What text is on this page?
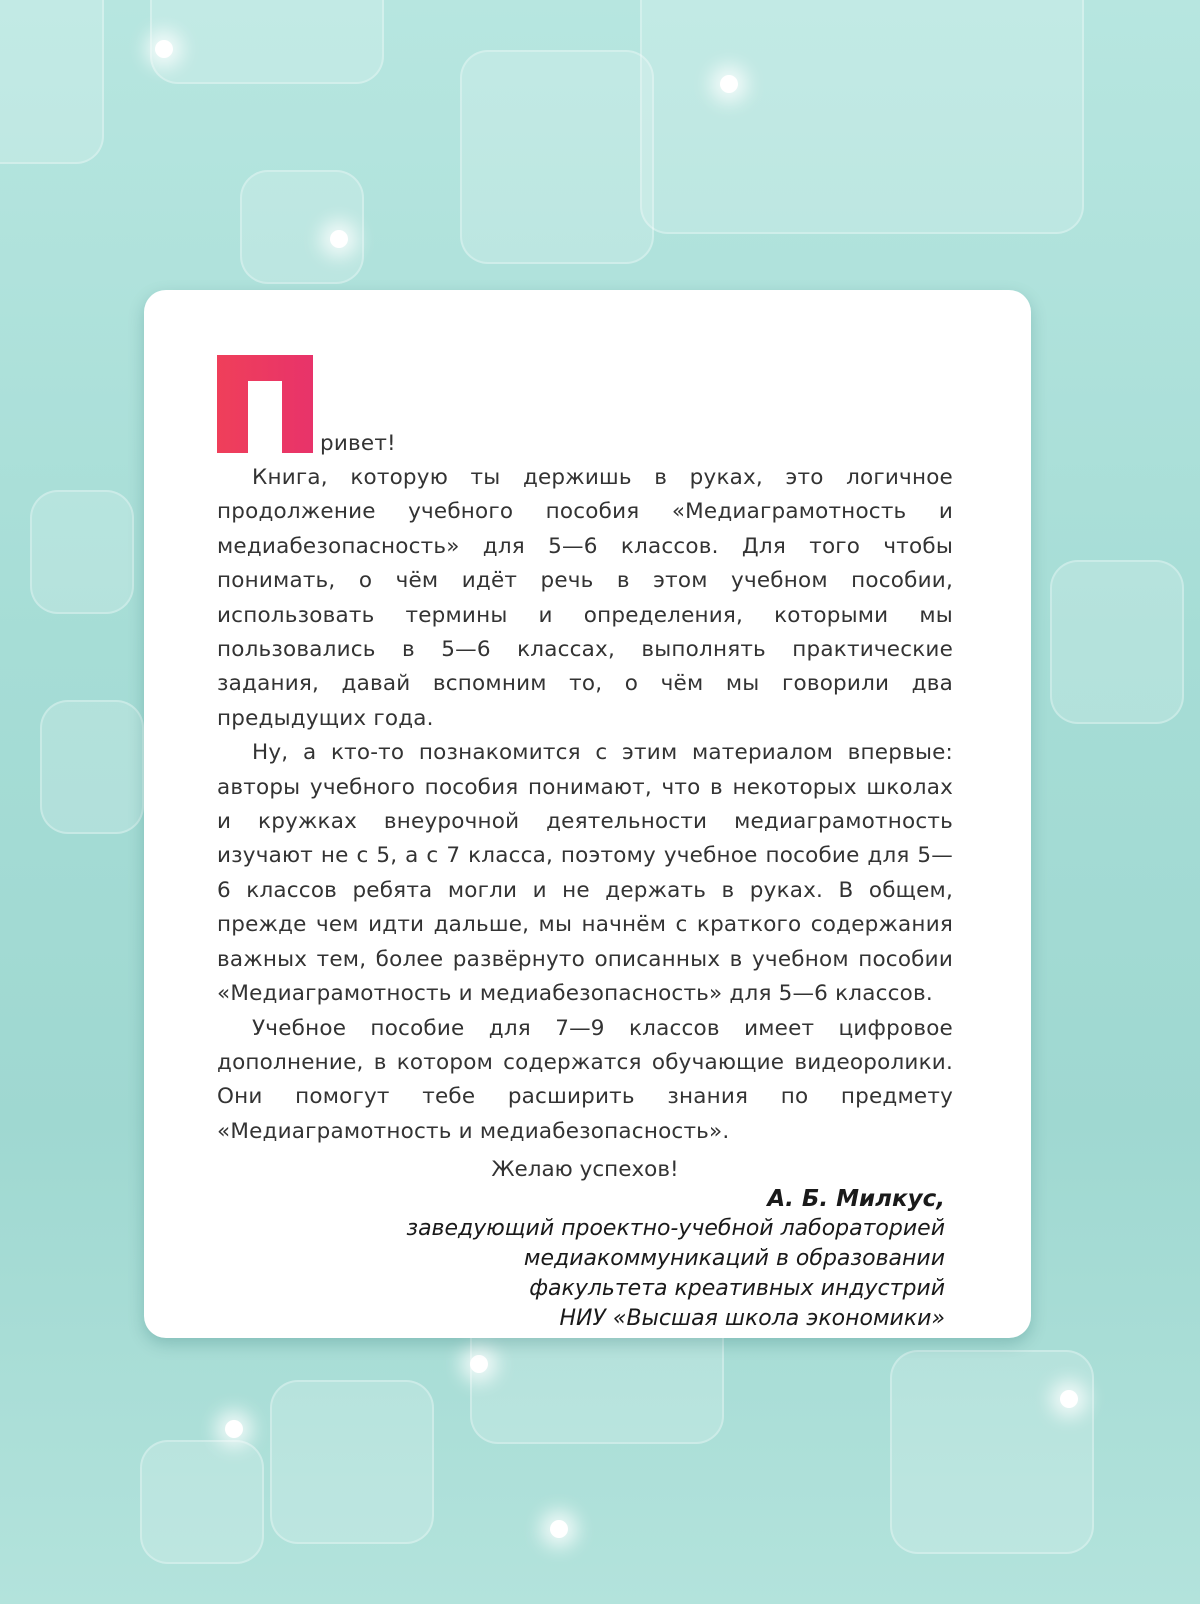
ривет!

Книга, которую ты держишь в руках, это логичное продолжение учебного пособия «Медиаграмотность и медиабезопасность» для 5—6 классов. Для того чтобы понимать, о чём идёт речь в этом учебном пособии, использовать термины и определения, которыми мы пользовались в 5—6 классах, выполнять практические задания, давай вспомним то, о чём мы говорили два предыдущих года.

Ну, а кто-то познакомится с этим материалом впервые: авторы учебного пособия понимают, что в некоторых школах и кружках внеурочной деятельности медиаграмотность изучают не с 5, а с 7 класса, поэтому учебное пособие для 5—6 классов ребята могли и не держать в руках. В общем, прежде чем идти дальше, мы начнём с краткого содержания важных тем, более развёрнуто описанных в учебном пособии «Медиаграмотность и медиабезопасность» для 5—6 классов.

Учебное пособие для 7—9 классов имеет цифровое дополнение, в котором содержатся обучающие видеоролики. Они помогут тебе расширить знания по предмету «Медиаграмотность и медиабезопасность».

Желаю успехов!
А. Б. Милкус,
заведующий проектно-учебной лабораторией
медиакоммуникаций в образовании
факультета креативных индустрий
НИУ «Высшая школа экономики»
